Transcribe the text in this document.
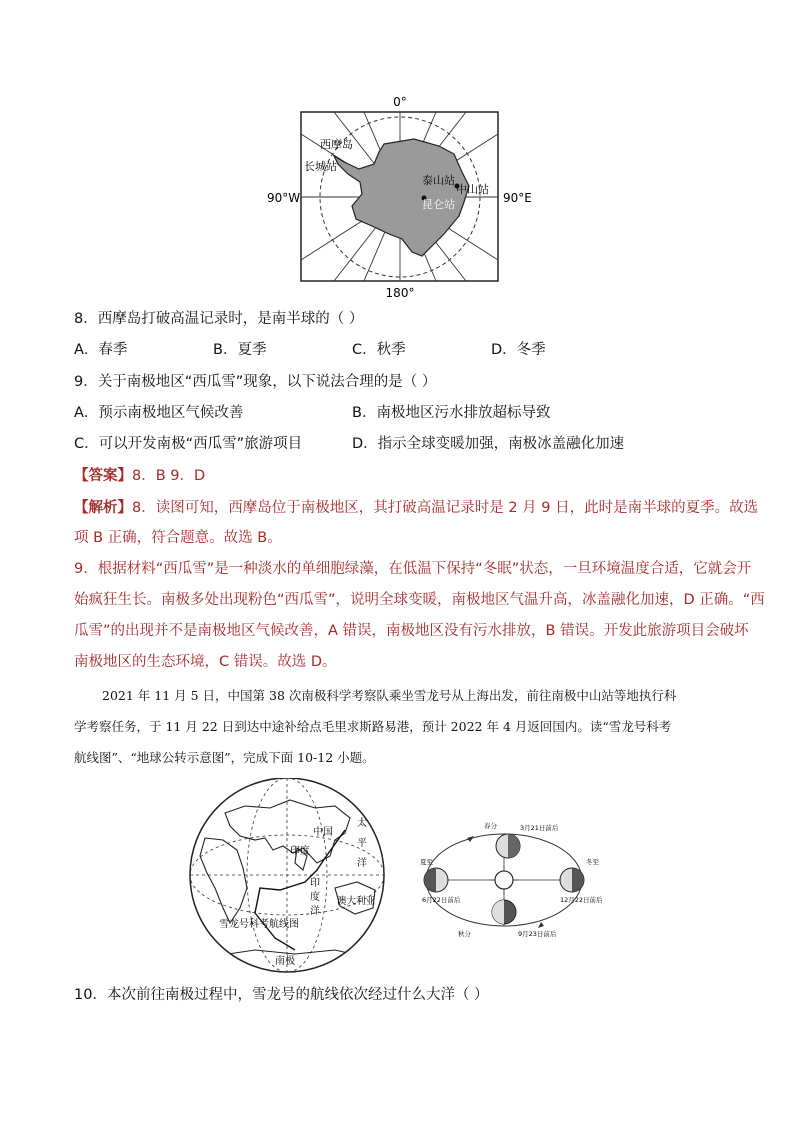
0°
180°
90°W	90°E
西摩岛
长城站
泰山站
中山站
昆仑站
8．西摩岛打破高温记录时，是南半球的（ ）
A．春季	B．夏季	C．秋季	D．冬季
9．关于南极地区“西瓜雪”现象，以下说法合理的是（ ）
A．预示南极地区气候改善	B．南极地区污水排放超标导致
C．可以开发南极“西瓜雪”旅游项目	D．指示全球变暖加强，南极冰盖融化加速
【答案】8．B 9．D
【解析】8．读图可知，西摩岛位于南极地区，其打破高温记录时是 2 月 9 日，此时是南半球的夏季。故选
项 B 正确，符合题意。故选 B。
9．根据材料“西瓜雪”是一种淡水的单细胞绿藻，在低温下保持“冬眠”状态，一旦环境温度合适，它就会开
始疯狂生长。南极多处出现粉色“西瓜雪”，说明全球变暖，南极地区气温升高，冰盖融化加速，D 正确。“西
瓜雪”的出现并不是南极地区气候改善，A 错误，南极地区没有污水排放，B 错误。开发此旅游项目会破坏
南极地区的生态环境，C 错误。故选 D。
2021 年 11 月 5 日，中国第 38 次南极科学考察队乘坐雪龙号从上海出发，前往南极中山站等地执行科
学考察任务，于 11 月 22 日到达中途补给点毛里求斯路易港，预计 2022 年 4 月返回国内。读“雪龙号科考
航线图”、“地球公转示意图”，完成下面 10-12 小题。
中国
印度
太
平
洋
印
度
洋
澳大利亚
雪龙号科考航线图
南极
春分	3月21日前后
夏至
6月22日前后
冬至
12月22日前后
秋分	9月23日前后
10．本次前往南极过程中，雪龙号的航线依次经过什么大洋（ ）
